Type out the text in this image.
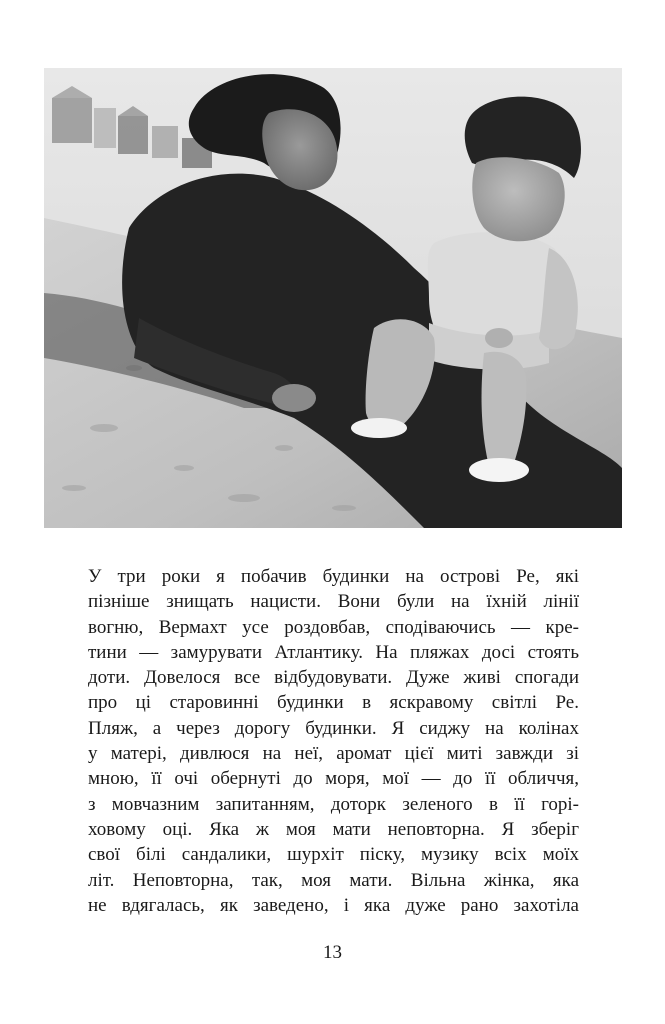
У три роки я побачив будинки на острові Ре, які
пізніше знищать нацисти. Вони були на їхній лінії
вогню, Вермахт усе роздовбав, сподіваючись — кре-
тини — замурувати Атлантику. На пляжах досі стоять
доти. Довелося все відбудовувати. Дуже живі спогади
про ці старовинні будинки в яскравому світлі Ре.
Пляж, а через дорогу будинки. Я сиджу на колінах
у матері, дивлюся на неї, аромат цієї миті завжди зі
мною, її очі обернуті до моря, мої — до її обличчя,
з мовчазним запитанням, доторк зеленого в її горі-
ховому оці. Яка ж моя мати неповторна. Я зберіг
свої білі сандалики, шурхіт піску, музику всіх моїх
літ. Неповторна, так, моя мати. Вільна жінка, яка
не вдягалась, як заведено, і яка дуже рано захотіла
13
